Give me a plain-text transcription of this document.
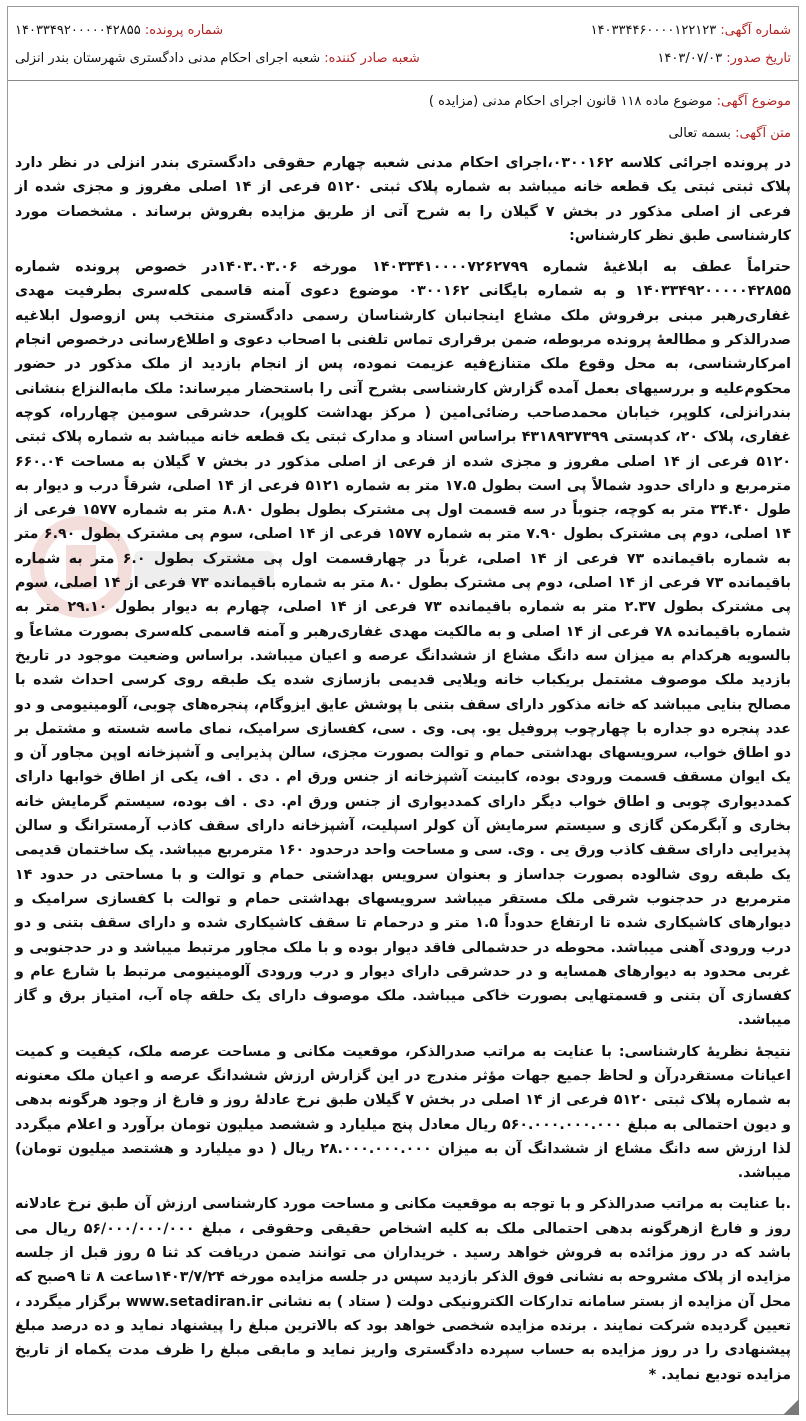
شماره آگهی: ۱۴۰۳۳۴۴۶۰۰۰۰۱۲۲۱۲۳
شماره پرونده: ۱۴۰۳۳۴۹۲۰۰۰۰۰۴۲۸۵۵
تاریخ صدور: ۱۴۰۳/۰۷/۰۳
شعبه صادر کننده: شعبه اجرای احکام مدنی دادگستری شهرستان بندر انزلی
موضوع آگهی: موضوع ماده ۱۱۸ قانون اجرای احکام مدنی (مزایده )
متن آگهی: بسمه تعالی

در پرونده اجرائی کلاسه ۰۳۰۰۱۶۲،اجرای احکام مدنی شعبه چهارم حقوقی دادگستری بندر انزلی در نظر دارد پلاک ثبتی ثبتی یک قطعه خانه میباشد به شماره پلاک ثبتی ۵۱۲۰ فرعی از ۱۴ اصلی مفروز و مجزی شده از فرعی از اصلی مذکور در بخش ۷ گیلان را به شرح آتی از طریق مزایده بفروش برساند . مشخصات مورد کارشناسی طبق نظر کارشناس:

حتراماً عطف به ابلاغیهٔ شماره ۱۴۰۳۳۴۱۰۰۰۰۷۲۶۲۷۹۹ مورخه ۱۴۰۳.۰۳.۰۶در خصوص پرونده شماره ۱۴۰۳۳۴۹۲۰۰۰۰۰۴۲۸۵۵ و به شماره بایگانی ۰۳۰۰۱۶۲ موضوع دعوی آمنه قاسمی کله‌سری بطرفیت مهدی غفاری‌رهبر مبنی برفروش ملک مشاع اینجانبان کارشناسان رسمی دادگستری منتخب پس ازوصول ابلاغیه صدرالذکر و مطالعهٔ پرونده مربوطه، ضمن برقراری تماس تلفنی با اصحاب دعوی و اطلاع‌رسانی درخصوص انجام امرکارشناسی، به محل وقوع ملک متنازع‌فیه عزیمت نموده، پس از انجام بازدید از ملک مذکور در حضور محکوم‌علیه و بررسیهای بعمل آمده گزارش کارشناسی بشرح آتی را باستحضار میرساند: ملک مابه‌النزاع بنشانی بندرانزلی، کلوپر، خیابان محمدصاحب رضائی‌امین ( مرکز بهداشت کلوپر)، حدشرقی سومین چهارراه، کوچه غفاری، پلاک ۲۰، کدپستی ۴۳۱۸۹۳۷۳۹۹ براساس اسناد و مدارک ثبتی یک قطعه خانه میباشد به شماره پلاک ثبتی ۵۱۲۰ فرعی از ۱۴ اصلی مفروز و مجزی شده از فرعی از اصلی مذکور در بخش ۷ گیلان به مساحت ۶۶۰.۰۴ مترمربع و دارای حدود شمالاً پی است بطول ۱۷.۵ متر به شماره ۵۱۲۱ فرعی از ۱۴ اصلی، شرقاً درب و دیوار به طول ۳۴.۴۰ متر به کوچه، جنوباً در سه قسمت اول پی مشترک بطول بطول ۸.۸۰ متر به شماره ۱۵۷۷ فرعی از ۱۴ اصلی، دوم پی مشترک بطول ۷.۹۰ متر به شماره ۱۵۷۷ فرعی از ۱۴ اصلی، سوم پی مشترک بطول ۶.۹۰ متر به شماره باقیمانده ۷۳ فرعی از ۱۴ اصلی، غرباً در چهارقسمت اول پی مشترک بطول ۶.۰ متر به شماره باقیمانده ۷۳ فرعی از ۱۴ اصلی، دوم پی مشترک بطول ۸.۰ متر به شماره باقیمانده ۷۳ فرعی از ۱۴ اصلی، سوم پی مشترک بطول ۲.۳۷ متر به شماره باقیمانده ۷۳ فرعی از ۱۴ اصلی، چهارم به دیوار بطول ۲۹.۱۰ متر به شماره باقیمانده ۷۸ فرعی از ۱۴ اصلی و به مالکیت مهدی غفاری‌رهبر و آمنه قاسمی کله‌سری بصورت مشاعاً و بالسویه هرکدام به میزان سه دانگ مشاع از ششدانگ عرصه و اعیان میباشد. براساس وضعیت موجود در تاریخ بازدید ملک موصوف مشتمل بریکباب خانه ویلایی قدیمی بازسازی شده یک طبقه روی کرسی احداث شده با مصالح بنایی میباشد که خانه مذکور دارای سقف بتنی با پوشش عایق ایزوگام، پنجره‌های چوبی، آلومینیومی و دو عدد پنجره دو جداره با چهارچوب پروفیل یو. پی. وی . سی، کفسازی سرامیک، نمای ماسه شسته و مشتمل بر دو اطاق خواب، سرویسهای بهداشتی حمام و توالت بصورت مجزی، سالن پذیرایی و آشپزخانه اوپن مجاور آن و یک ایوان مسقف قسمت ورودی بوده، کابینت آشپزخانه از جنس ورق ام . دی . اف، یکی از اطاق خوابها دارای کمددیواری چوبی و اطاق خواب دیگر دارای کمددیواری از جنس ورق ام. دی . اف بوده، سیستم گرمایش خانه بخاری و آبگرمکن گازی و سیستم سرمایش آن کولر اسپلیت، آشپزخانه دارای سقف کاذب آرمسترانگ و سالن پذیرایی دارای سقف کاذب ورق یی . وی. سی و مساحت واحد درحدود ۱۶۰ مترمربع میباشد. یک ساختمان قدیمی یک طبقه روی شالوده بصورت جداساز و بعنوان سرویس بهداشتی حمام و توالت و با مساحتی در حدود ۱۴ مترمربع در حدجنوب شرقی ملک مستقر میباشد سرویسهای بهداشتی حمام و توالت با کفسازی سرامیک و دیوارهای کاشیکاری شده تا ارتفاع حدوداً ۱.۵ متر و درحمام تا سقف کاشیکاری شده و دارای سقف بتنی و دو درب ورودی آهنی میباشد. محوطه در حدشمالی فاقد دیوار بوده و با ملک مجاور مرتبط میباشد و در حدجنوبی و غربی محدود به دیوارهای همسایه و در حدشرقی دارای دیوار و درب ورودی آلومینیومی مرتبط با شارع عام و کفسازی آن بتنی و قسمتهایی بصورت خاکی میباشد. ملک موصوف دارای یک حلقه چاه آب، امتیاز برق و گاز میباشد.

نتیجهٔ نظریهٔ کارشناسی: با عنایت به مراتب صدرالذکر، موقعیت مکانی و مساحت عرصه ملک، کیفیت و کمیت اعیانات مستقردرآن و لحاظ جمیع جهات مؤثر مندرج در این گزارش ارزش ششدانگ عرصه و اعیان ملک معنونه به شماره پلاک ثبتی ۵۱۲۰ فرعی از ۱۴ اصلی در بخش ۷ گیلان طبق نرخ عادلهٔ روز و فارغ از وجود هرگونه بدهی و دیون احتمالی به مبلغ ۵۶۰.۰۰۰.۰۰۰.۰۰۰ ریال معادل پنج میلیارد و ششصد میلیون تومان برآورد و اعلام میگردد لذا ارزش سه دانگ مشاع از ششدانگ آن به میزان ۲۸.۰۰۰.۰۰۰.۰۰۰ ریال ( دو میلیارد و هشتصد میلیون تومان) میباشد.

.با عنایت به مراتب صدرالذکر و با توجه به موقعیت مکانی و مساحت مورد کارشناسی ارزش آن طبق نرخ عادلانه روز و فارغ ازهرگونه بدهی احتمالی ملک به کلیه اشخاص حقیقی وحقوقی ، مبلغ ۵۶/۰۰۰/۰۰۰/۰۰۰ ریال می باشد که در روز مزائده به فروش خواهد رسید . خریداران می توانند ضمن دریافت کد ثنا ۵ روز قبل از جلسه مزایده از پلاک مشروحه به نشانی فوق الذکر بازدید سپس در جلسه مزایده مورخه ۱۴۰۳/۷/۲۴ساعت ۸ تا ۹صبح که محل آن مزایده از بستر سامانه تدارکات الکترونیکی دولت ( ستاد ) به نشانی www.setadiran.ir برگزار میگردد ، تعیین گردیده شرکت نمایند . برنده مزایده شخصی خواهد بود که بالاترین مبلغ را پیشنهاد نماید و ده درصد مبلغ پیشنهادی را در روز مزایده به حساب سپرده دادگستری واریز نماید و مابقی مبلغ را ظرف مدت یکماه از تاریخ مزایده تودیع نماید. *
